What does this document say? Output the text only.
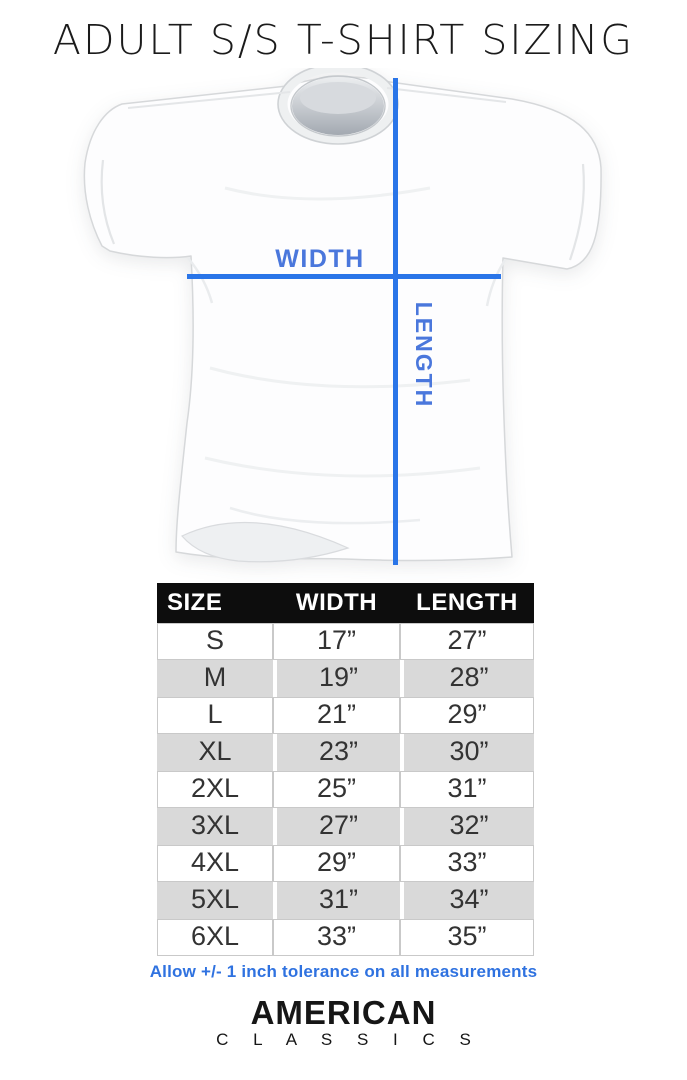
ADULT S/S T-SHIRT SIZING
WIDTH
LENGTH
SIZE	WIDTH	LENGTH
S	17”	27”
M	19”	28”
L	21”	29”
XL	23”	30”
2XL	25”	31”
3XL	27”	32”
4XL	29”	33”
5XL	31”	34”
6XL	33”	35”
Allow +/- 1 inch tolerance on all measurements
AMERICAN
C L A S S I C S
